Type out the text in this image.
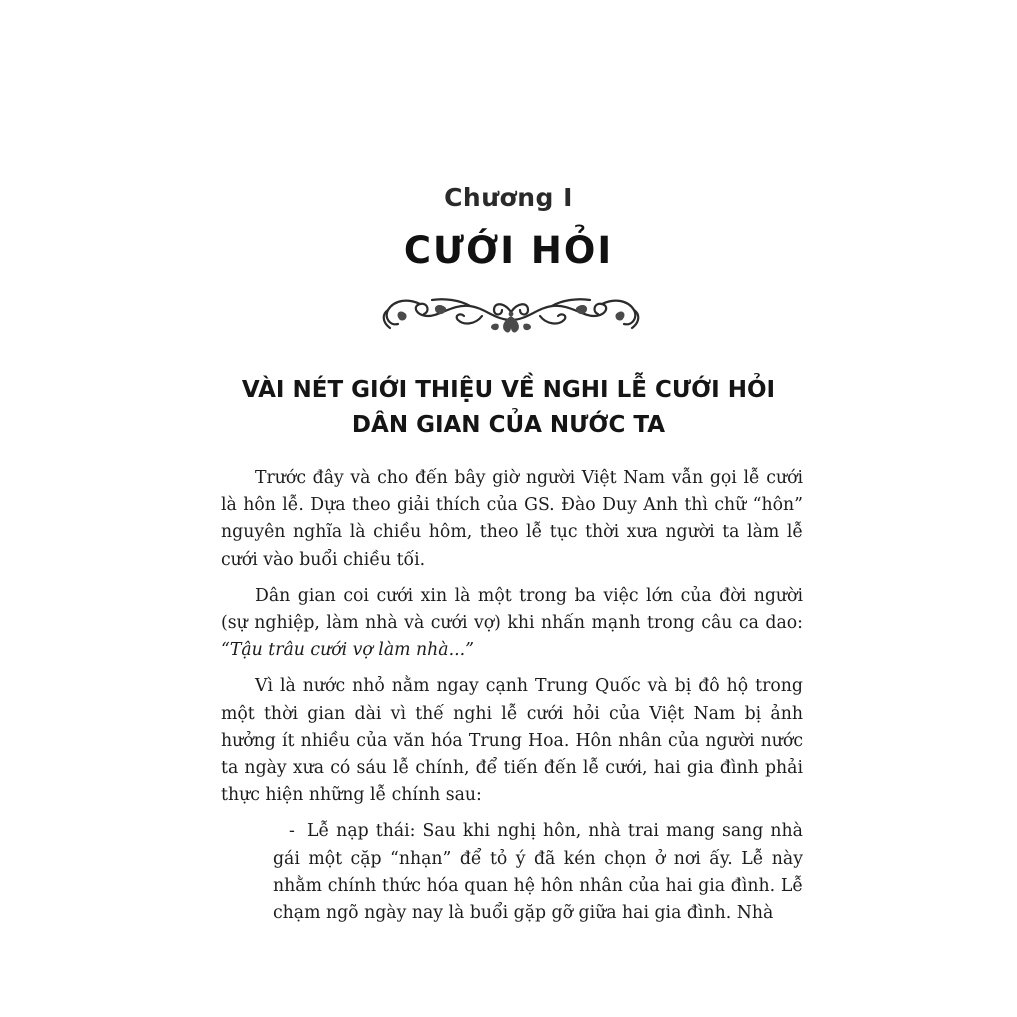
Chương I
CƯỚI HỎI
VÀI NÉT GIỚI THIỆU VỀ NGHI LỄ CƯỚI HỎI
DÂN GIAN CỦA NƯỚC TA

Trước đây và cho đến bây giờ người Việt Nam vẫn gọi lễ cưới là hôn lễ. Dựa theo giải thích của GS. Đào Duy Anh thì chữ “hôn” nguyên nghĩa là chiều hôm, theo lễ tục thời xưa người ta làm lễ cưới vào buổi chiều tối.

Dân gian coi cưới xin là một trong ba việc lớn của đời người (sự nghiệp, làm nhà và cưới vợ) khi nhấn mạnh trong câu ca dao: “Tậu trâu cưới vợ làm nhà...”

Vì là nước nhỏ nằm ngay cạnh Trung Quốc và bị đô hộ trong một thời gian dài vì thế nghi lễ cưới hỏi của Việt Nam bị ảnh hưởng ít nhiều của văn hóa Trung Hoa. Hôn nhân của người nước ta ngày xưa có sáu lễ chính, để tiến đến lễ cưới, hai gia đình phải thực hiện những lễ chính sau:

- Lễ nạp thái: Sau khi nghị hôn, nhà trai mang sang nhà gái một cặp “nhạn” để tỏ ý đã kén chọn ở nơi ấy. Lễ này nhằm chính thức hóa quan hệ hôn nhân của hai gia đình. Lễ chạm ngõ ngày nay là buổi gặp gỡ giữa hai gia đình. Nhà
